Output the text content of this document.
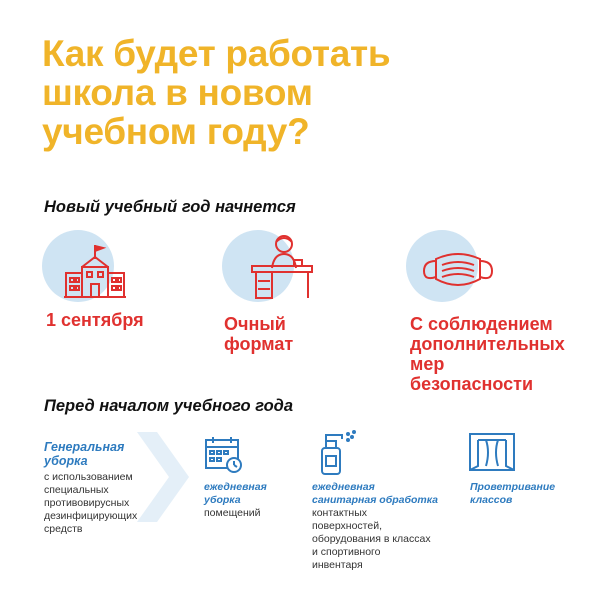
Как будет работать
школа в новом
учебном году?
Новый учебный год начнется
1 сентября	Очный
формат
С соблюдением
дополнительных
мер
безопасности
Перед началом учебного года
Генеральная
уборка
с использованием
специальных
противовирусных
дезинфицирующих
средств
ежедневная
уборка
помещений
ежедневная
санитарная обработка
контактных
поверхностей,
оборудования в классах
и спортивного
инвентаря
Проветривание
классов
